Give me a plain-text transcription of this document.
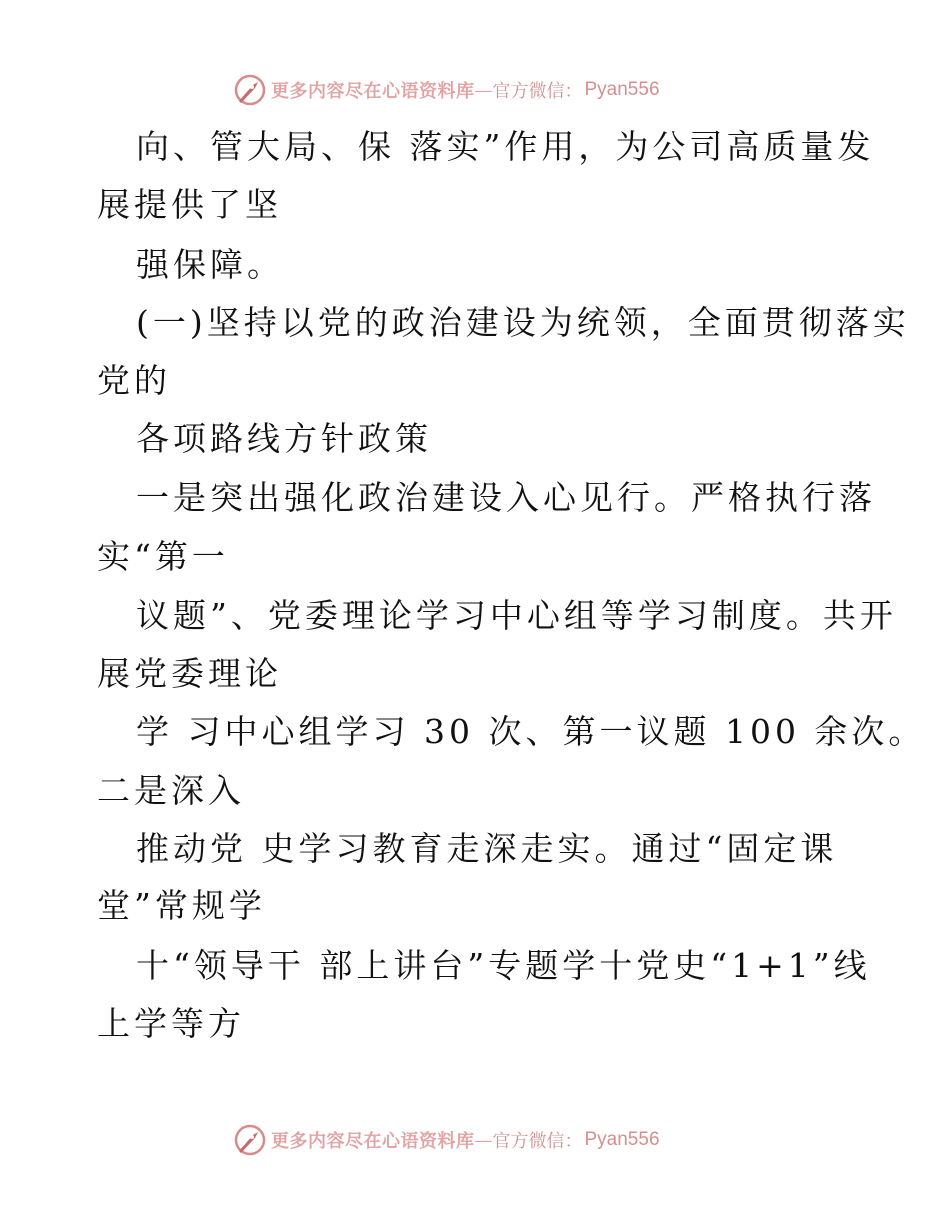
更多内容尽在心语资料库 — 官方微信： Pyan556
向、管大局、保 落实”作用，为公司高质量发
展提供了坚
强保障。
(一)坚持以党的政治建设为统领，全面贯彻落实
党的
各项路线方针政策
一是突出强化政治建设入心见行。严格执行落
实“第一
议题”、党委理论学习中心组等学习制度。共开
展党委理论
学 习中心组学习 30 次、第一议题 100 余次。
二是深入
推动党 史学习教育走深走实。通过“固定课
堂”常规学
十“领导干 部上讲台”专题学十党史“1+1”线
上学等方
更多内容尽在心语资料库 — 官方微信： Pyan556
